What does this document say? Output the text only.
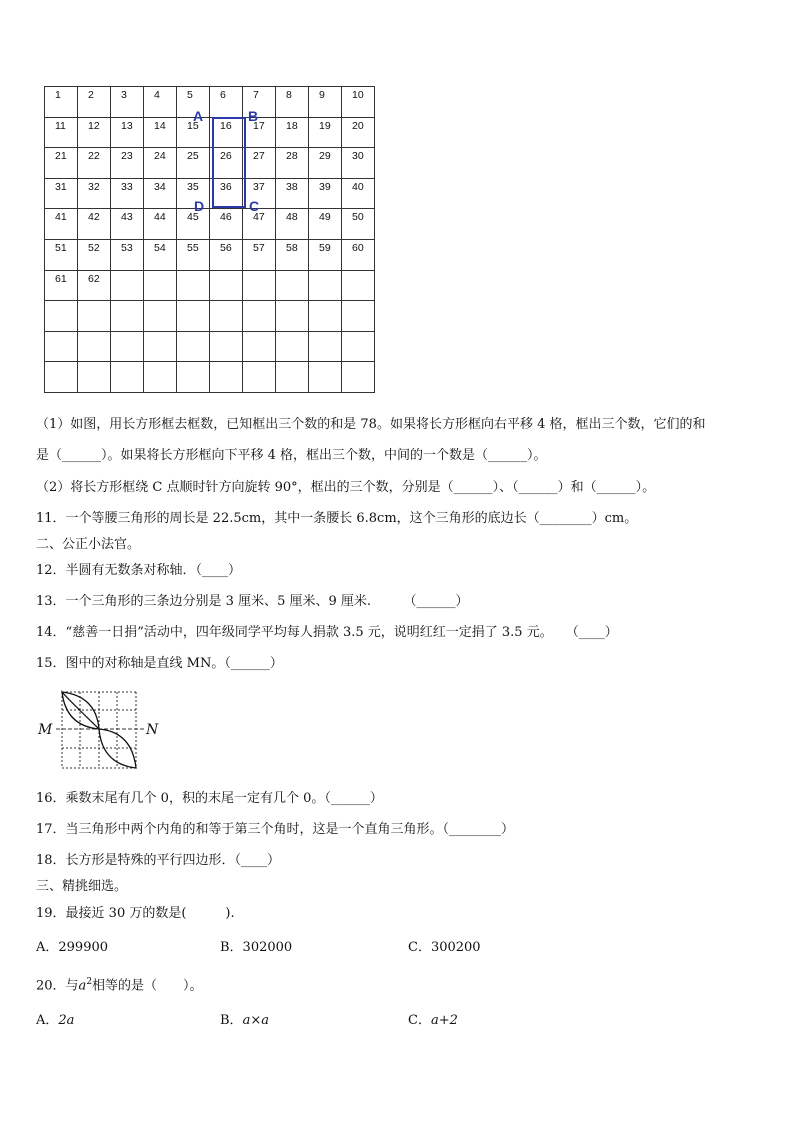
1	2	3	4	5	6	7	8	9	10
11	12	13	14	15	16	17	18	19	20
21	22	23	24	25	26	27	28	29	30
31	32	33	34	35	36	37	38	39	40
41	42	43	44	45	46	47	48	49	50
51	52	53	54	55	56	57	58	59	60
61	62								

A	B
C
D
（1）如图，用长方形框去框数，已知框出三个数的和是 78。如果将长方形框向右平移 4 格，框出三个数，它们的和
是（______）。如果将长方形框向下平移 4 格，框出三个数，中间的一个数是（______）。
（2）将长方形框绕 C 点顺时针方向旋转 90°，框出的三个数，分别是（______）、（______）和（______）。
11．一个等腰三角形的周长是 22.5cm，其中一条腰长 6.8cm，这个三角形的底边长（________）cm。
二、公正小法官。
12．半圆有无数条对称轴．（____）
13．一个三角形的三条边分别是 3 厘米、5 厘米、9 厘米.　　　（______）
14．“慈善一日捐”活动中，四年级同学平均每人捐款 3.5 元，说明红红一定捐了 3.5 元。　　（____）
15．图中的对称轴是直线 MN。（______）
M	N
16．乘数末尾有几个 0，积的末尾一定有几个 0。（______）
17．当三角形中两个内角的和等于第三个角时，这是一个直角三角形。（________）
18．长方形是特殊的平行四边形．（____）
三、精挑细选。
19．最接近 30 万的数是(　　　).
A．299900	B．302000	C．300200
20．与$a^2$相等的是（　　）。
A．2a	B．a×a	C．a+2
